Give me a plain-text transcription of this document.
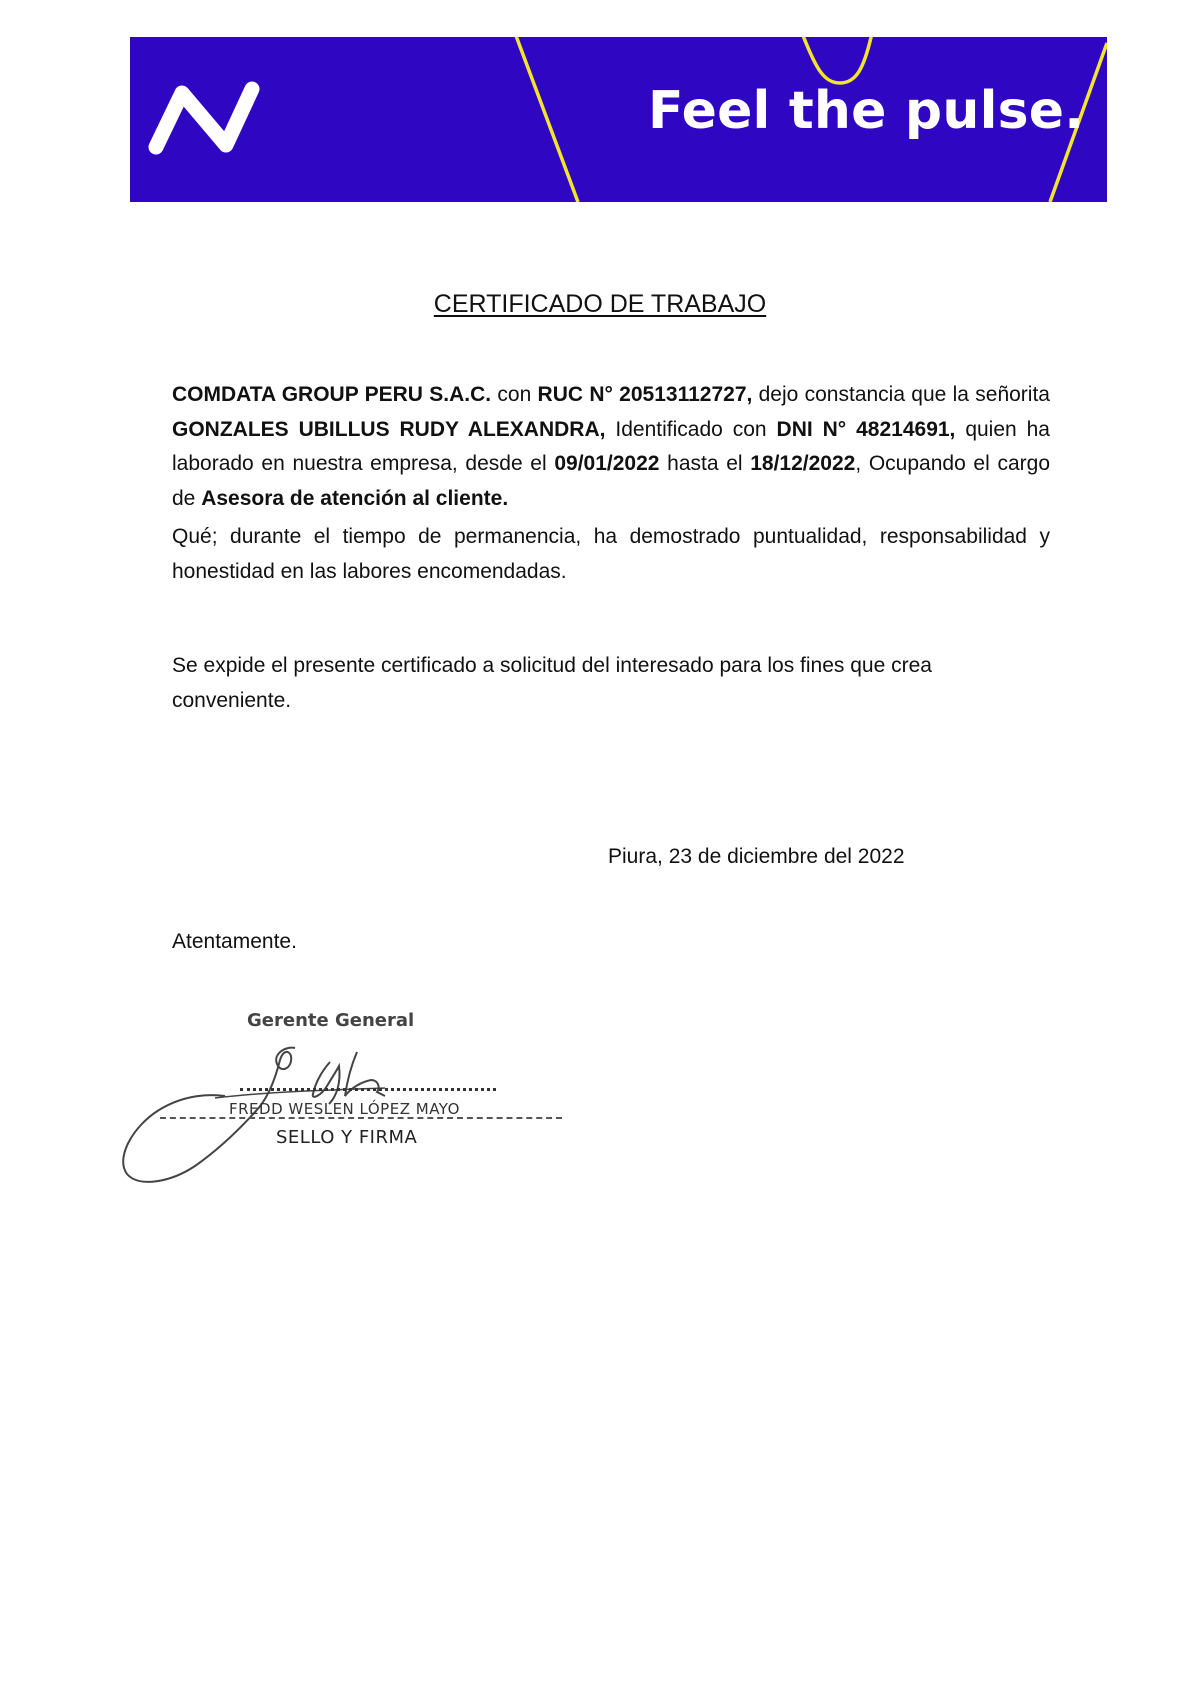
Feel the pulse.
CERTIFICADO DE TRABAJO
COMDATA GROUP PERU S.A.C. con RUC N° 20513112727, dejo constancia que la señorita GONZALES UBILLUS RUDY ALEXANDRA, Identificado con DNI N° 48214691, quien ha laborado en nuestra empresa, desde el 09/01/2022 hasta el 18/12/2022, Ocupando el cargo de Asesora de atención al cliente.
Qué; durante el tiempo de permanencia, ha demostrado puntualidad, responsabilidad y honestidad en las labores encomendadas.
Se expide el presente certificado a solicitud del interesado para los fines que crea conveniente.
Piura, 23 de diciembre del 2022
Atentamente.
Gerente General
FREDD WESLEN LÓPEZ MAYO
SELLO Y FIRMA
